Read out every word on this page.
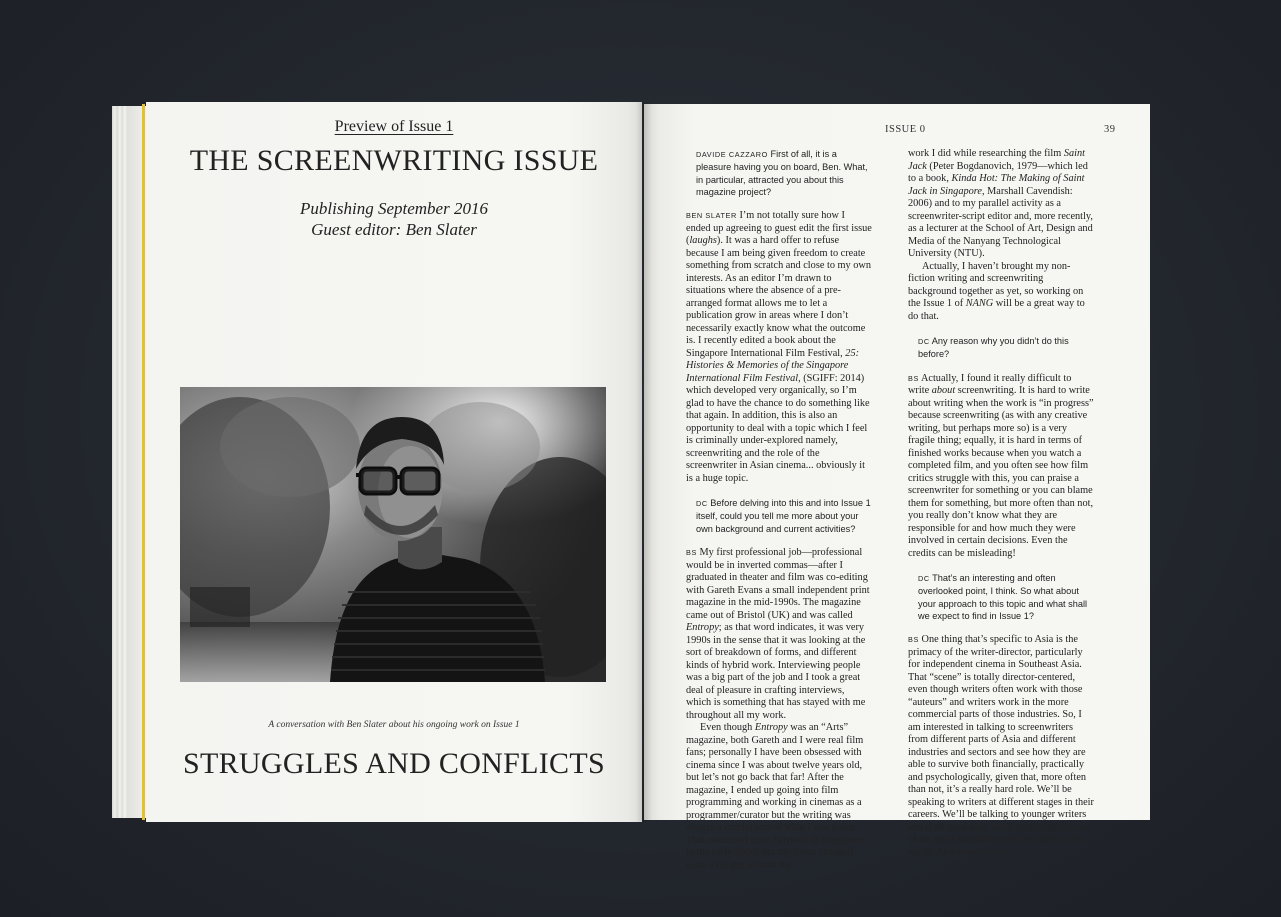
Preview of Issue 1
THE SCREENWRITING ISSUE
Publishing September 2016
Guest editor: Ben Slater
A conversation with Ben Slater about his ongoing work on Issue 1
STRUGGLES AND CONFLICTS
ISSUE 0	39

DAVIDE CAZZARO First of all, it is a pleasure having you on board, Ben. What, in particular, attracted you about this magazine project?

BEN SLATER I’m not totally sure how I ended up agreeing to guest edit the first issue (laughs). It was a hard offer to refuse because I am being given freedom to create something from scratch and close to my own interests. As an editor I’m drawn to situations where the absence of a pre-arranged format allows me to let a publication grow in areas where I don’t necessarily exactly know what the outcome is. I recently edited a book about the Singapore International Film Festival, 25: Histories & Memories of the Singapore International Film Festival, (SGIFF: 2014) which developed very organically, so I’m glad to have the chance to do something like that again. In addition, this is also an opportunity to deal with a topic which I feel is criminally under-explored namely, screenwriting and the role of the screenwriter in Asian cinema... obviously it is a huge topic.

DC Before delving into this and into Issue 1 itself, could you tell me more about your own background and current activities?

BS My first professional job—professional would be in inverted commas—after I graduated in theater and film was co-editing with Gareth Evans a small independent print magazine in the mid-1990s. The magazine came out of Bristol (UK) and was called Entropy; as that word indicates, it was very 1990s in the sense that it was looking at the sort of breakdown of forms, and different kinds of hybrid work. Interviewing people was a big part of the job and I took a great deal of pleasure in crafting interviews, which is something that has stayed with me throughout all my work.

Even though Entropy was an “Arts” magazine, both Gareth and I were real film fans; personally I have been obsessed with cinema since I was about twelve years old, but let’s not go back that far! After the magazine, I ended up going into film programming and working in cinemas as a programmer/curator but the writing was always a crucial part of what I was doing. That continued once I arrived in Singapore in the early 2000s but my focus changed quite a bit due to both the

work I did while researching the film Saint Jack (Peter Bogdanovich, 1979—which led to a book, Kinda Hot: The Making of Saint Jack in Singapore, Marshall Cavendish: 2006) and to my parallel activity as a screenwriter-script editor and, more recently, as a lecturer at the School of Art, Design and Media of the Nanyang Technological University (NTU).

Actually, I haven’t brought my non-fiction writing and screenwriting background together as yet, so working on the Issue 1 of NANG will be a great way to do that.

DC Any reason why you didn’t do this before?

BS Actually, I found it really difficult to write about screenwriting. It is hard to write about writing when the work is “in progress” because screenwriting (as with any creative writing, but perhaps more so) is a very fragile thing; equally, it is hard in terms of finished works because when you watch a completed film, and you often see how film critics struggle with this, you can praise a screenwriter for something or you can blame them for something, but more often than not, you really don’t know what they are responsible for and how much they were involved in certain decisions. Even the credits can be misleading!

DC That’s an interesting and often overlooked point, I think. So what about your approach to this topic and what shall we expect to find in Issue 1?

BS One thing that’s specific to Asia is the primacy of the writer-director, particularly for independent cinema in Southeast Asia. That “scene” is totally director-centered, even though writers often work with those “auteurs” and writers work in the more commercial parts of those industries. So, I am interested in talking to screenwriters from different parts of Asia and different industries and sectors and see how they are able to survive both financially, practically and psychologically, given that, more often than not, it’s a really hard role. We’ll be speaking to writers at different stages in their careers. We’ll be talking to younger writers and if all goes well, we’ll be talking to some of the most successful screenwriters in the world. As a screenwriter
